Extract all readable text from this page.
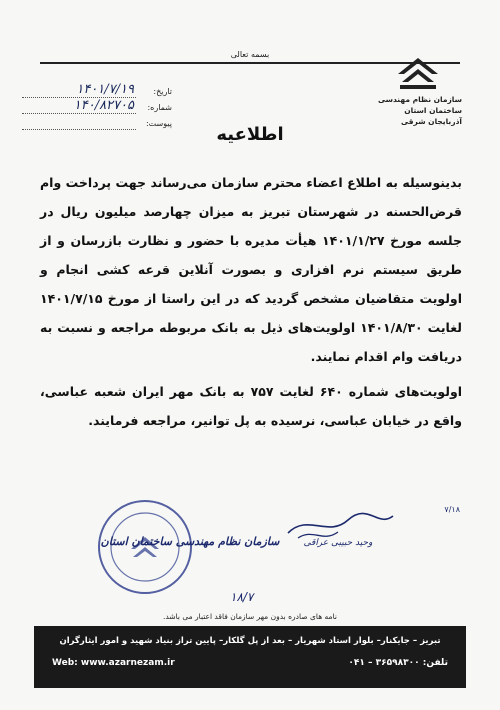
بسمه تعالی
سازمان نظام مهندسی ساختمان استان
آذربایجان شرقی
تاریخ:
۱۴۰۱/۷/۱۹
شماره:
۱۴۰/۸۲۷۰۵
پیوست:
اطلاعیه

بدینوسیله به اطلاع اعضاء محترم سازمان می‌رساند جهت پرداخت وام قرض‌الحسنه در شهرستان تبریز به میزان چهارصد میلیون ریال در جلسه مورخ ۱۴۰۱/۱/۲۷ هیأت مدیره با حضور و نظارت بازرسان و از طریق سیستم نرم افزاری و بصورت آنلاین قرعه کشی انجام و اولویت متقاضیان مشخص گردید که در این راستا از مورخ ۱۴۰۱/۷/۱۵ لغایت ۱۴۰۱/۸/۳۰ اولویت‌های ذیل به بانک مربوطه مراجعه و نسبت به دریافت وام اقدام نمایند.

اولویت‌های شماره ۶۴۰ لغایت ۷۵۷ به بانک مهر ایران شعبه عباسی، واقع در خیابان عباسی، نرسیده به پل توانیر، مراجعه فرمایند.

سازمان نظام مهندسی ساختمان استان	وحید حبیبی عراقی
۷/۱۸
۱۸/۷
نامه های صادره بدون مهر سازمان فاقد اعتبار می باشد.
تبریز – جایکنار– بلوار استاد شهریار – بعد از پل گلکار– پایین تراز بنیاد شهید و امور ایثارگران
Web: www.azarnezam.ir	تلفن: ۳۶۵۹۸۳۰۰ – ۰۴۱
